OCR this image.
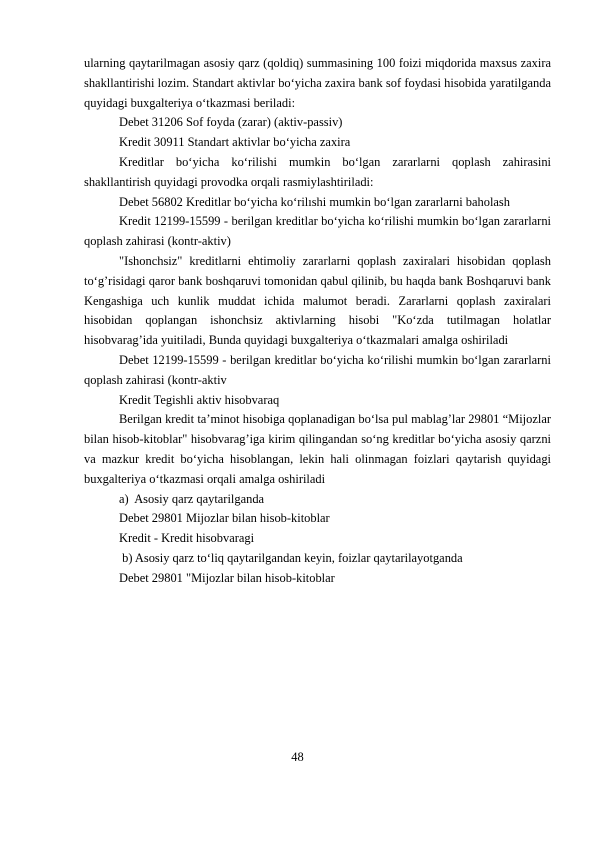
ularning qaytarilmagan asosiy qarz (qoldiq) summasining 100 foizi miqdorida maxsus zaxira shakllantirishi lozim. Standart aktivlar bo‘yicha zaxira bank sof foydasi hisobida yaratilganda quyidagi buxgalteriya o‘tkazmasi beriladi:

Debet 31206 Sof foyda (zarar) (aktiv-passiv)

Kredit 30911 Standart aktivlar bo‘yicha zaxira

Kreditlar bo‘yicha ko‘rilishi mumkin bo‘lgan zararlarni qoplash zahirasini shakllantirish quyidagi provodka orqali rasmiylashtiriladi:

Debet 56802 Kreditlar bo‘yicha ko‘rilıshi mumkin bo‘lgan zararlarni baholash

Kredit 12199-15599 - berilgan kreditlar bo‘yicha ko‘rilishi mumkin bo‘lgan zararlarni qoplash zahirasi (kontr-aktiv)

"Ishonchsiz" kreditlarni ehtimoliy zararlarni qoplash zaxiralari hisobidan qoplash to‘g’risidagi qaror bank boshqaruvi tomonidan qabul qilinib, bu haqda bank Boshqaruvi bank Kengashiga uch kunlik muddat ichida malumot beradi. Zararlarni qoplash zaxiralari hisobidan qoplangan ishonchsiz aktivlarning hisobi "Ko‘zda tutilmagan holatlar hisobvarag’ida yuitiladi, Bunda quyidagi buxgalteriya o‘tkazmalari amalga oshiriladi

Debet 12199-15599 - berilgan kreditlar bo‘yicha ko‘rilishi mumkin bo‘lgan zararlarni qoplash zahirasi (kontr-aktiv

Kredit Tegishli aktiv hisobvaraq

Berilgan kredit ta’minot hisobiga qoplanadigan bo‘lsa pul mablag’lar 29801 “Mijozlar bilan hisob-kitoblar" hisobvarag’iga kirim qilingandan so‘ng kreditlar bo‘yicha asosiy qarzni va mazkur kredit bo‘yicha hisoblangan, lekin hali olinmagan foizlari qaytarish quyidagi buxgalteriya o‘tkazmasi orqali amalga oshiriladi

a)  Asosiy qarz qaytarilganda

Debet 29801 Mijozlar bilan hisob-kitoblar

Kredit - Kredit hisobvaragi

b) Asosiy qarz to‘liq qaytarilgandan keyin, foizlar qaytarilayotganda

Debet 29801 "Mijozlar bilan hisob-kitoblar

48
